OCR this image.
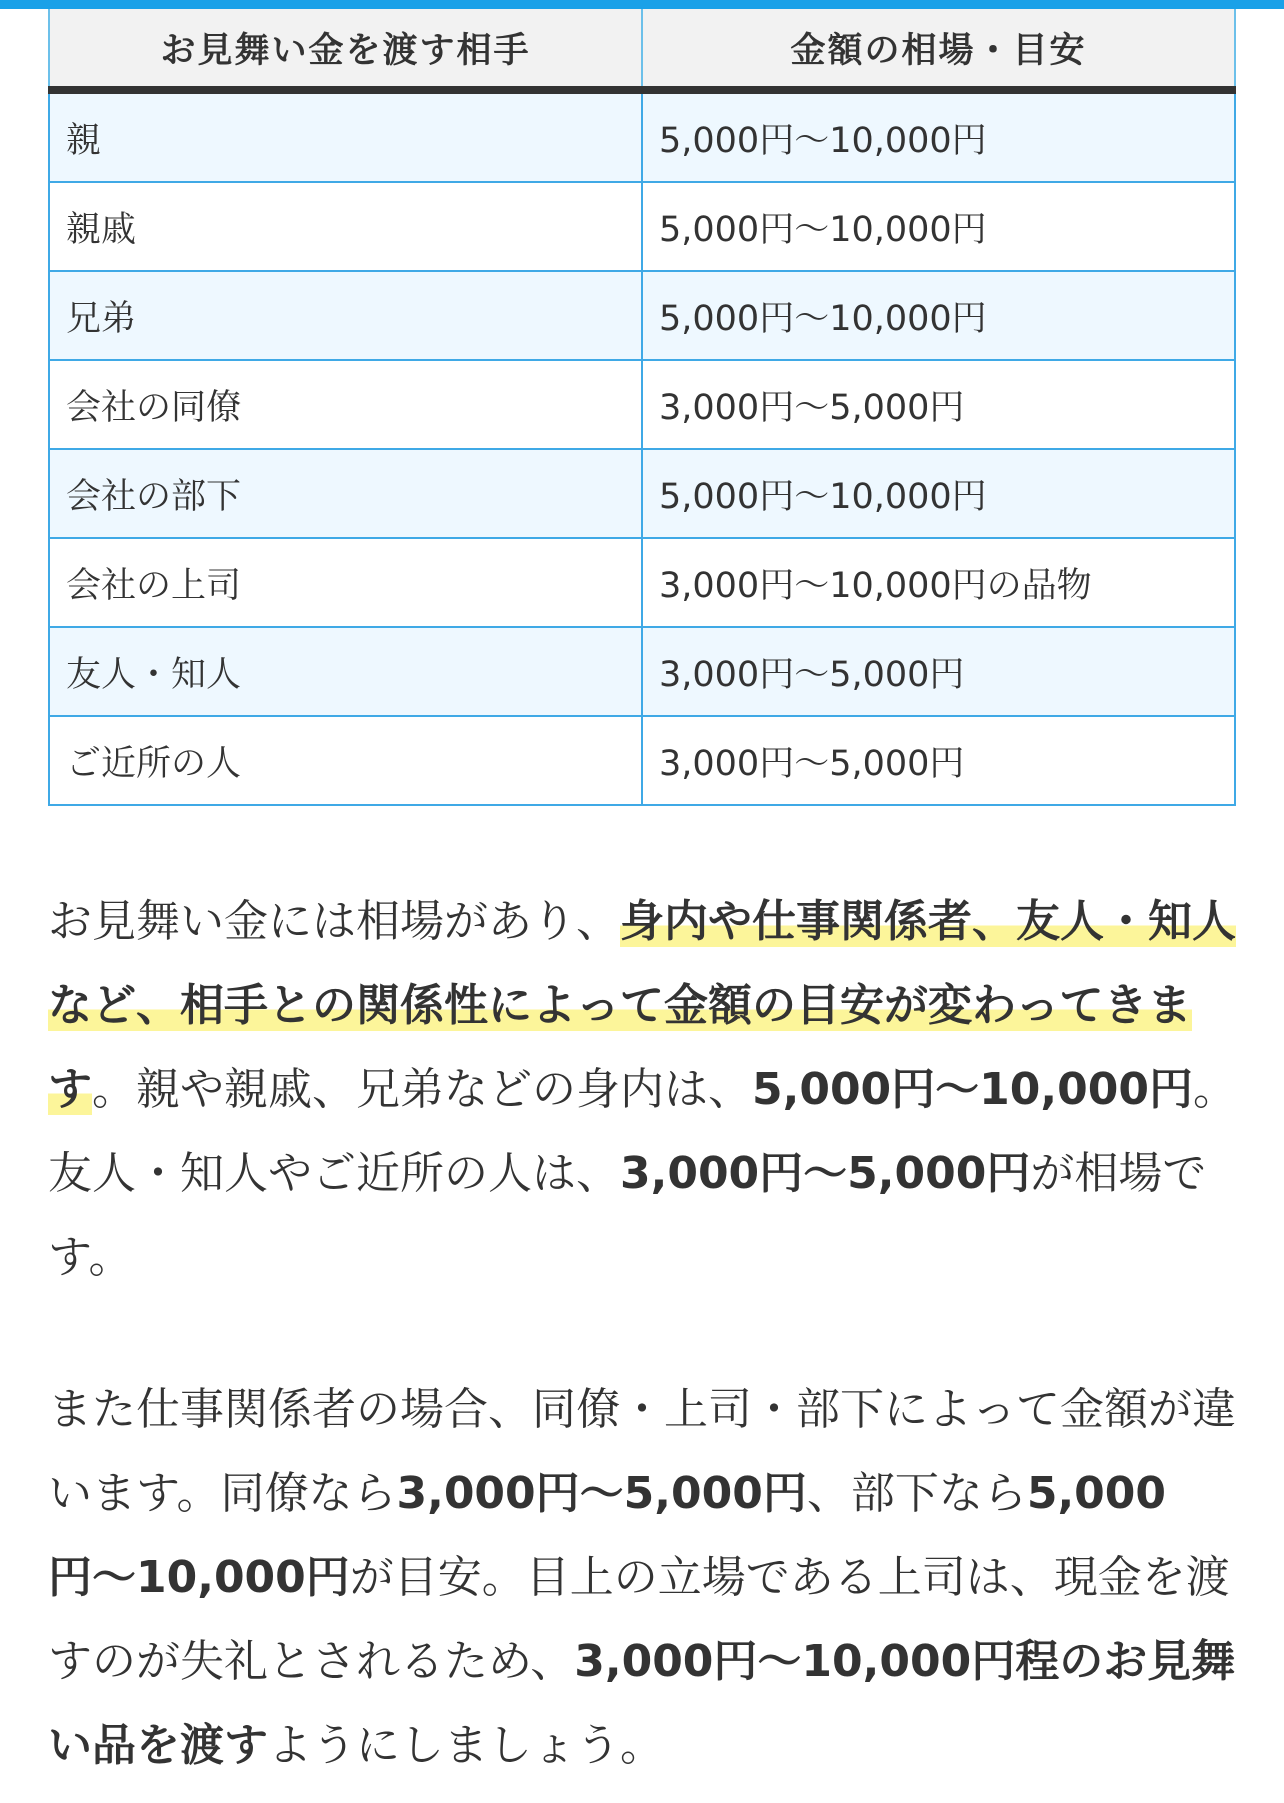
お見舞い金を渡す相手	金額の相場・目安
親	5,000円〜10,000円
親戚	5,000円〜10,000円
兄弟	5,000円〜10,000円
会社の同僚	3,000円〜5,000円
会社の部下	5,000円〜10,000円
会社の上司	3,000円〜10,000円の品物
友人・知人	3,000円〜5,000円
ご近所の人	3,000円〜5,000円

お見舞い金には相場があり、身内や仕事関係者、友人・知人など、相手との関係性によって金額の目安が変わってきます。親や親戚、兄弟などの身内は、5,000円〜10,000円。友人・知人やご近所の人は、3,000円〜5,000円が相場です。

また仕事関係者の場合、同僚・上司・部下によって金額が違います。同僚なら3,000円〜5,000円、部下なら5,000円〜10,000円が目安。目上の立場である上司は、現金を渡すのが失礼とされるため、3,000円〜10,000円程のお見舞い品を渡すようにしましょう。
